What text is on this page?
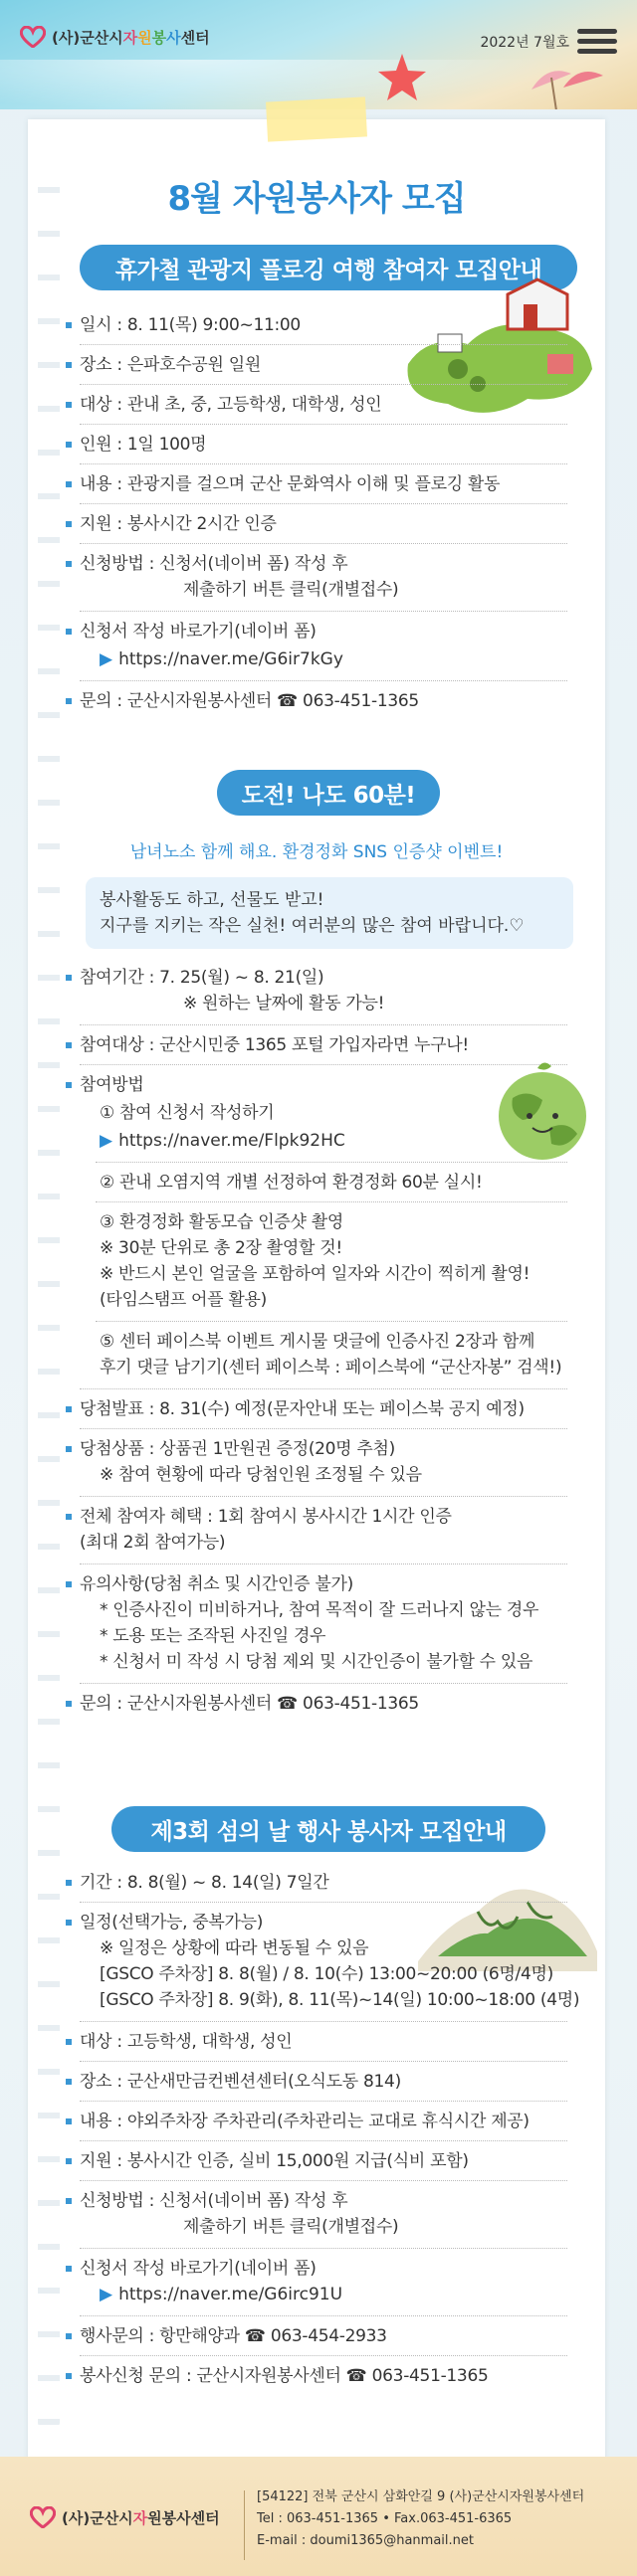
(사)군산시자원봉사센터	2022년 7월호
8월 자원봉사자 모집
휴가철 관광지 플로깅 여행 참여자 모집안내
일시 : 8. 11(목) 9:00~11:00
장소 : 은파호수공원 일원
대상 : 관내 초, 중, 고등학생, 대학생, 성인
인원 : 1일 100명
내용 : 관광지를 걸으며 군산 문화역사 이해 및 플로깅 활동
지원 : 봉사시간 2시간 인증
신청방법 : 신청서(네이버 폼) 작성 후
제출하기 버튼 클릭(개별접수)
신청서 작성 바로가기(네이버 폼)
▶ https://naver.me/G6ir7kGy
문의 : 군산시자원봉사센터 ☎ 063-451-1365
도전! 나도 60분!
남녀노소 함께 해요. 환경정화 SNS 인증샷 이벤트!
봉사활동도 하고, 선물도 받고!
지구를 지키는 작은 실천! 여러분의 많은 참여 바랍니다.♡
참여기간 : 7. 25(월) ~ 8. 21(일)
※ 원하는 날짜에 활동 가능!
참여대상 : 군산시민중 1365 포털 가입자라면 누구나!
참여방법
① 참여 신청서 작성하기
▶ https://naver.me/Flpk92HC
② 관내 오염지역 개별 선정하여 환경정화 60분 실시!
③ 환경정화 활동모습 인증샷 촬영
※ 30분 단위로 총 2장 촬영할 것!
※ 반드시 본인 얼굴을 포함하여 일자와 시간이 찍히게 촬영!
(타임스탬프 어플 활용)
⑤ 센터 페이스북 이벤트 게시물 댓글에 인증사진 2장과 함께
후기 댓글 남기기(센터 페이스북 : 페이스북에 “군산자봉” 검색!)
당첨발표 : 8. 31(수) 예정(문자안내 또는 페이스북 공지 예정)
당첨상품 : 상품권 1만원권 증정(20명 추첨)
※ 참여 현황에 따라 당첨인원 조정될 수 있음
전체 참여자 혜택 : 1회 참여시 봉사시간 1시간 인증
(최대 2회 참여가능)
유의사항(당첨 취소 및 시간인증 불가)
* 인증사진이 미비하거나, 참여 목적이 잘 드러나지 않는 경우
* 도용 또는 조작된 사진일 경우
* 신청서 미 작성 시 당첨 제외 및 시간인증이 불가할 수 있음
문의 : 군산시자원봉사센터 ☎ 063-451-1365
제3회 섬의 날 행사 봉사자 모집안내
기간 : 8. 8(월) ~ 8. 14(일) 7일간
일정(선택가능, 중복가능)
※ 일정은 상황에 따라 변동될 수 있음
[GSCO 주차장] 8. 8(월) / 8. 10(수) 13:00~20:00 (6명/4명)
[GSCO 주차장] 8. 9(화), 8. 11(목)~14(일) 10:00~18:00 (4명)
대상 : 고등학생, 대학생, 성인
장소 : 군산새만금컨벤션센터(오식도동 814)
내용 : 야외주차장 주차관리(주차관리는 교대로 휴식시간 제공)
지원 : 봉사시간 인증, 실비 15,000원 지급(식비 포함)
신청방법 : 신청서(네이버 폼) 작성 후
제출하기 버튼 클릭(개별접수)
신청서 작성 바로가기(네이버 폼)
▶ https://naver.me/G6irc91U
행사문의 : 항만해양과 ☎ 063-454-2933
봉사신청 문의 : 군산시자원봉사센터 ☎ 063-451-1365
(사)군산시자원봉사센터
[54122] 전북 군산시 삼화안길 9 (사)군산시자원봉사센터
Tel : 063-451-1365 • Fax.063-451-6365
E-mail : doumi1365@hanmail.net
